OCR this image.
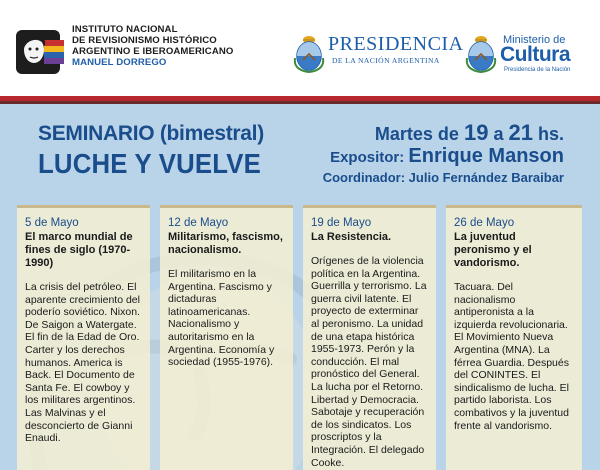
INSTITUTO NACIONAL
DE REVISIONISMO HISTÓRICO
ARGENTINO E IBEROAMERICANO
MANUEL DORREGO
PRESIDENCIA
DE LA NACIÓN ARGENTINA
Ministerio de
Cultura
Presidencia de la Nación
SEMINARIO (bimestral)
LUCHE Y VUELVE
Martes de 19 a 21 hs.
Expositor: Enrique Manson
Coordinador: Julio Fernández Baraibar
5 de Mayo
El marco mundial de fines de siglo (1970-1990)
La crisis del petróleo. El aparente crecimiento del poderío soviético. Nixon. De Saigon a Watergate. El fin de la Edad de Oro. Carter y los derechos humanos. America is Back. El Documento de Santa Fe. El cowboy y los militares argentinos. Las Malvinas y el desconcierto de Gianni Enaudi.
12 de Mayo
Militarismo, fascismo, nacionalismo.
El militarismo en la Argentina. Fascismo y dictaduras latinoamericanas. Nacionalismo y autoritarismo en la Argentina. Economía y sociedad (1955-1976).
19 de Mayo
La Resistencia.
Orígenes de la violencia política en la Argentina. Guerrilla y terrorismo. La guerra civil latente. El proyecto de exterminar al peronismo. La unidad de una etapa histórica 1955-1973. Perón y la conducción. El mal pronóstico del General. La lucha por el Retorno. Libertad y Democracia. Sabotaje y recuperación de los sindicatos. Los proscriptos y la Integración. El delegado Cooke.
26 de Mayo
La juventud peronismo y el vandorismo.
Tacuara. Del nacionalismo antiperonista a la izquierda revolucionaria. El Movimiento Nueva Argentina (MNA). La férrea Guardia. Después del CONINTES. El sindicalismo de lucha. El partido laborista. Los combativos y la juventud frente al vandorismo.
